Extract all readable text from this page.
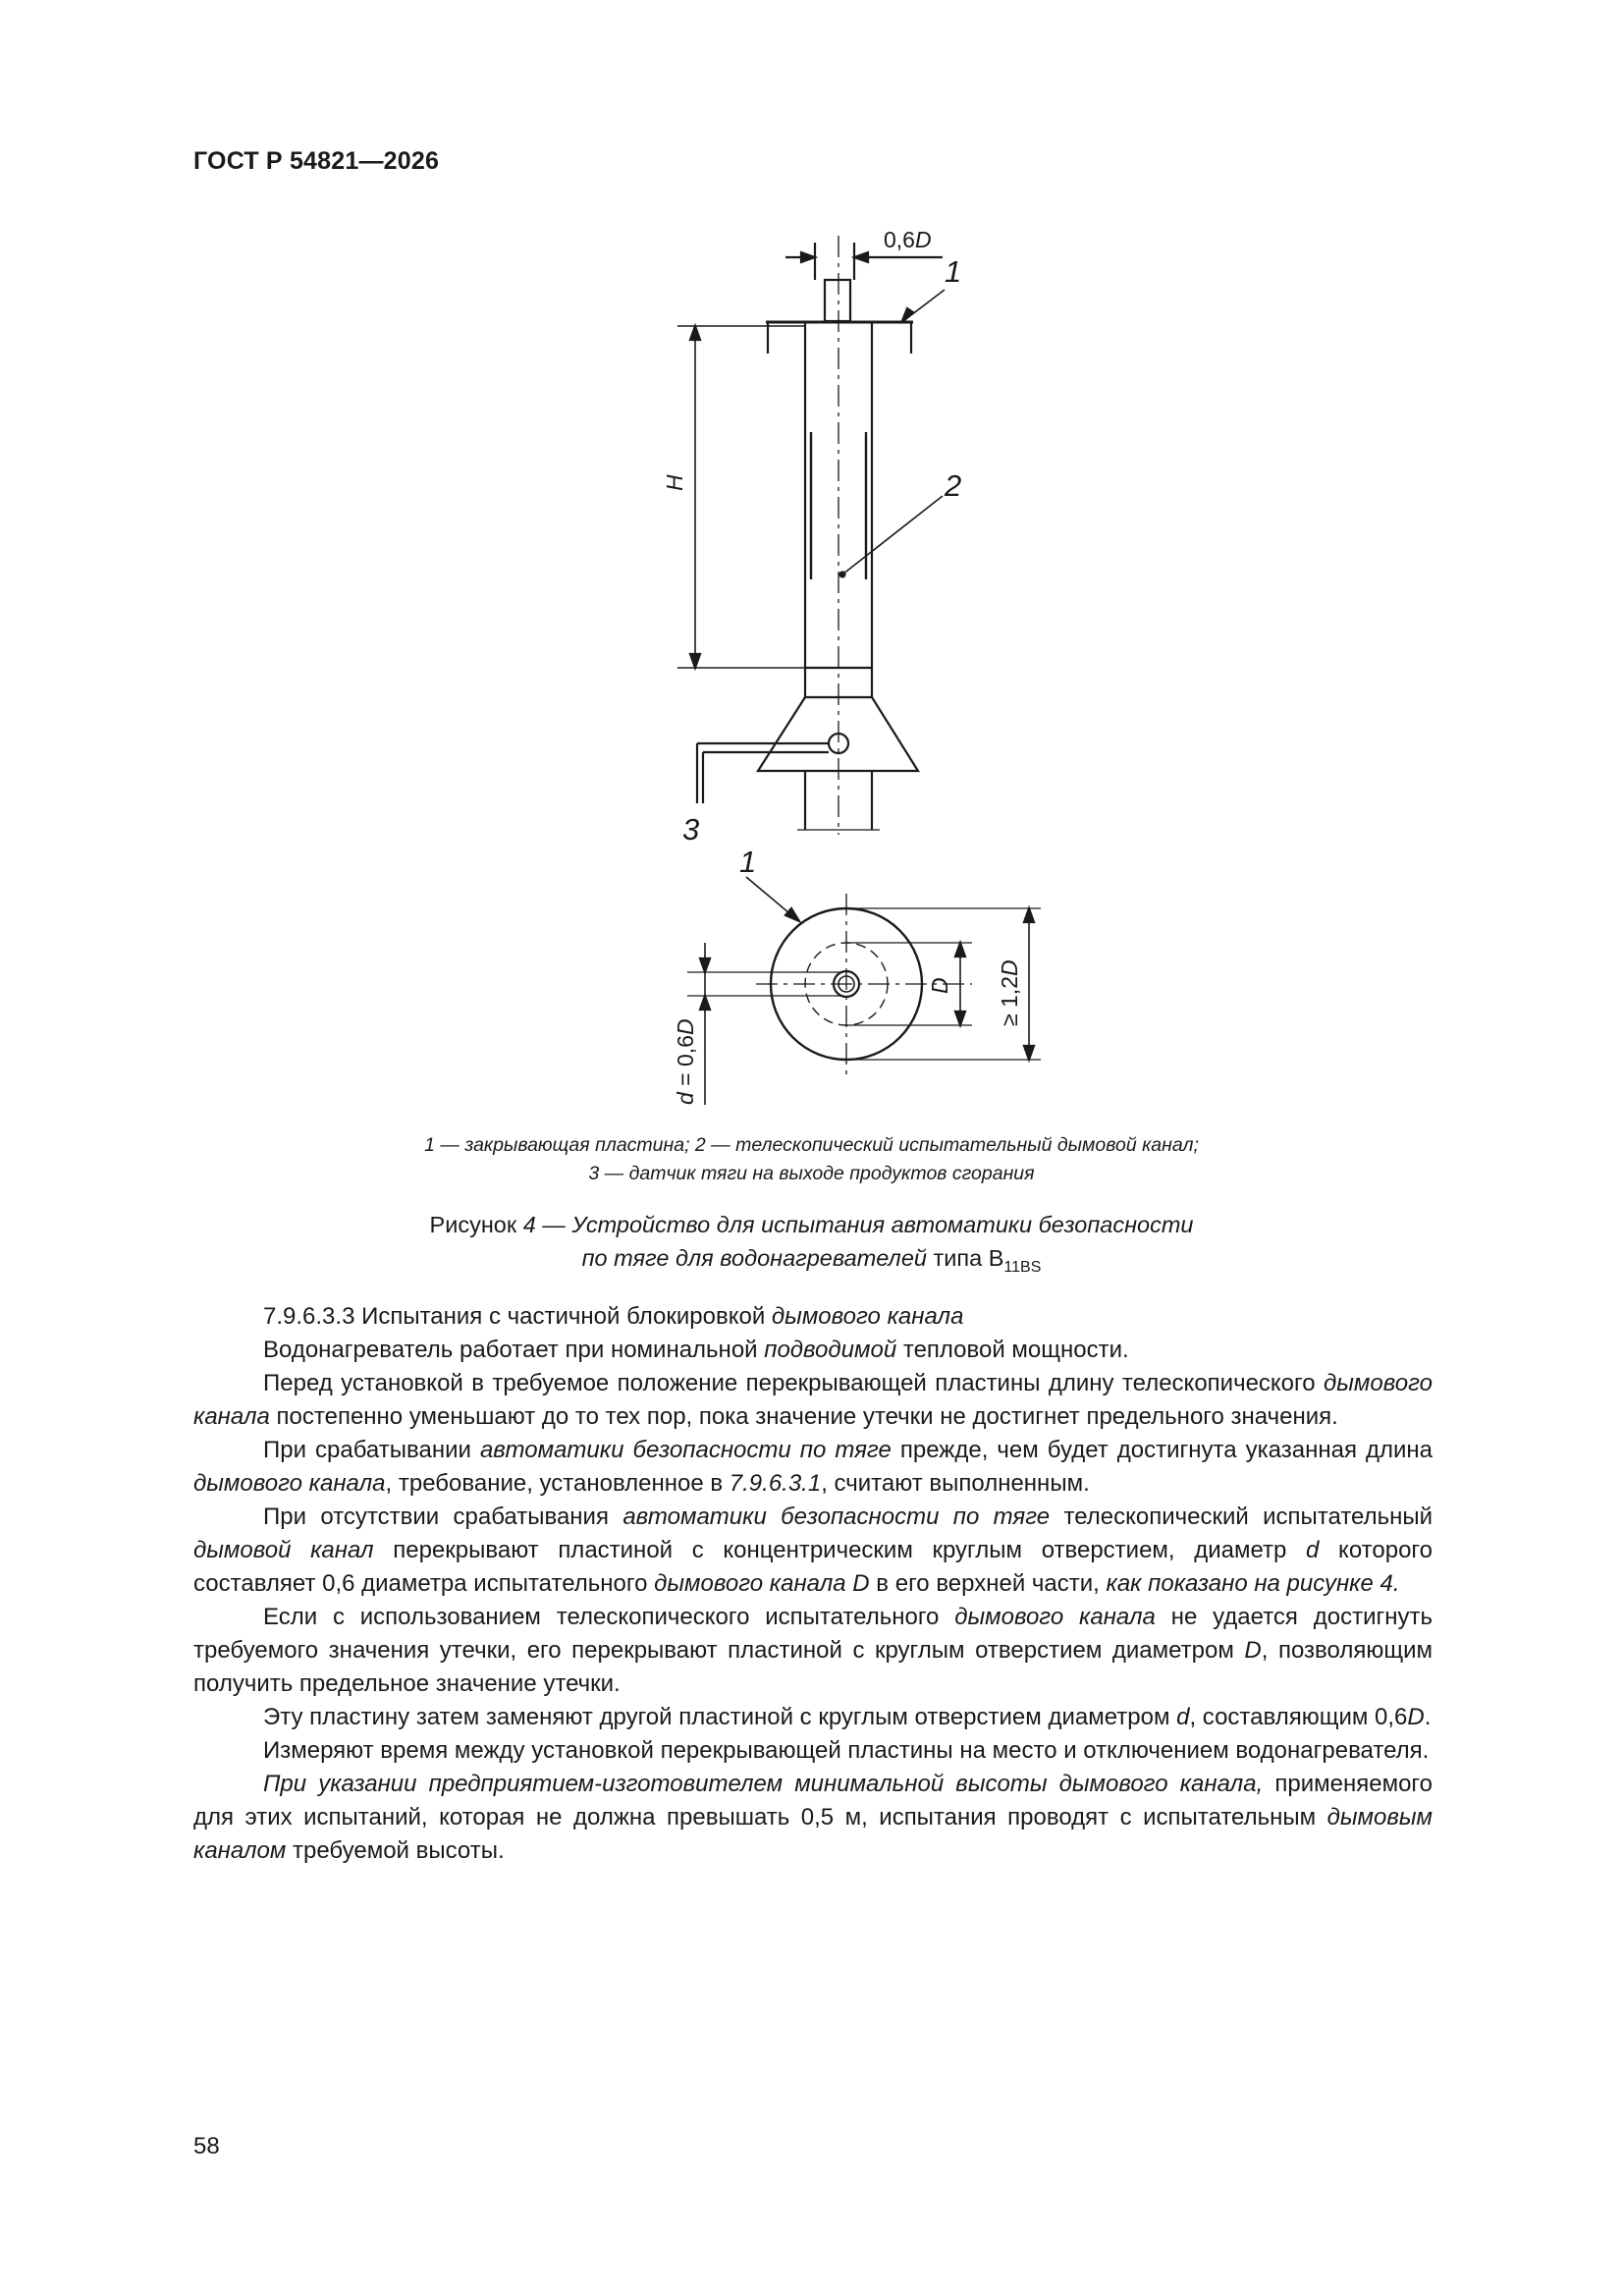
ГОСТ Р 54821—2026
0,6D
1
2
H
3
1
D ≥ 1,2D
d = 0,6D
1 — закрывающая пластина; 2 — телескопический испытательный дымовой канал;
3 — датчик тяги на выходе продуктов сгорания
Рисунок 4 — Устройство для испытания автоматики безопасности
по тяге для водонагревателей типа $В_{11BS}$

7.9.6.3.3 Испытания с частичной блокировкой дымового канала

Водонагреватель работает при номинальной подводимой тепловой мощности.

Перед установкой в требуемое положение перекрывающей пластины длину телескопического дымового канала постепенно уменьшают до то тех пор, пока значение утечки не достигнет предельного значения.

При срабатывании автоматики безопасности по тяге прежде, чем будет достигнута указанная длина дымового канала, требование, установленное в 7.9.6.3.1, считают выполненным.

При отсутствии срабатывания автоматики безопасности по тяге телескопический испытательный дымовой канал перекрывают пластиной с концентрическим круглым отверстием, диаметр d которого составляет 0,6 диаметра испытательного дымового канала D в его верхней части, как показано на рисунке 4.

Если с использованием телескопического испытательного дымового канала не удается достигнуть требуемого значения утечки, его перекрывают пластиной с круглым отверстием диаметром D, позволяющим получить предельное значение утечки.

Эту пластину затем заменяют другой пластиной с круглым отверстием диаметром d, составляющим 0,6D.

Измеряют время между установкой перекрывающей пластины на место и отключением водонагревателя.

При указании предприятием-изготовителем минимальной высоты дымового канала, применяемого для этих испытаний, которая не должна превышать 0,5 м, испытания проводят с испытательным дымовым каналом требуемой высоты.

58
